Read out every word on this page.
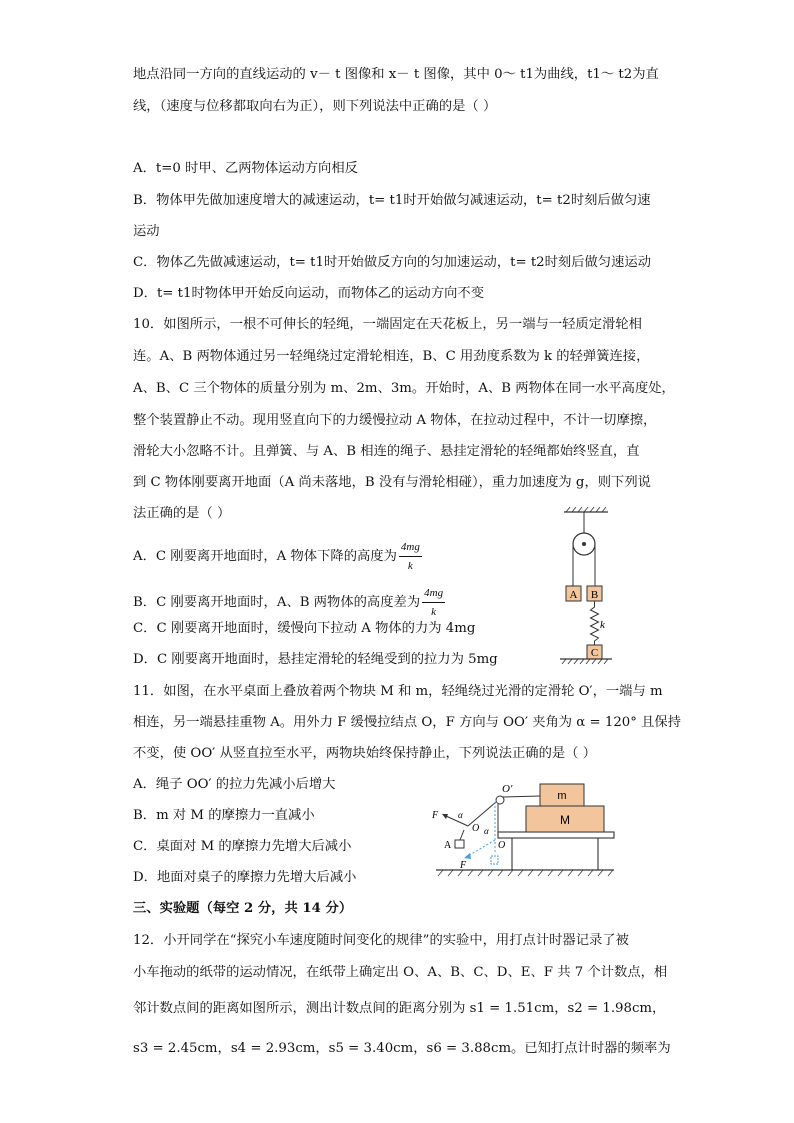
地点沿同一方向的直线运动的 v－ t 图像和 x－ t 图像，其中 0～ t1为曲线，t1～ t2为直
线，（速度与位移都取向右为正），则下列说法中正确的是（ ）
A．t=0 时甲、乙两物体运动方向相反
B．物体甲先做加速度增大的减速运动，t= t1时开始做匀减速运动，t= t2时刻后做匀速
运动
C．物体乙先做减速运动，t= t1时开始做反方向的匀加速运动，t= t2时刻后做匀速运动
D．t= t1时物体甲开始反向运动，而物体乙的运动方向不变
10．如图所示，一根不可伸长的轻绳，一端固定在天花板上，另一端与一轻质定滑轮相
连。A、B 两物体通过另一轻绳绕过定滑轮相连，B、C 用劲度系数为 k 的轻弹簧连接，
A、B、C 三个物体的质量分别为 m、2m、3m。开始时，A、B 两物体在同一水平高度处，
整个装置静止不动。现用竖直向下的力缓慢拉动 A 物体，在拉动过程中，不计一切摩擦，
滑轮大小忽略不计。且弹簧、与 A、B 相连的绳子、悬挂定滑轮的轻绳都始终竖直，直
到 C 物体刚要离开地面（A 尚未落地，B 没有与滑轮相碰），重力加速度为 g，则下列说
法正确的是（ ）
A．C 刚要离开地面时，A 物体下降的高度为 $\frac{4mg}{k}$
B．C 刚要离开地面时，A、B 两物体的高度差为 $\frac{4mg}{k}$
C．C 刚要离开地面时，缓慢向下拉动 A 物体的力为 4mg
D．C 刚要离开地面时，悬挂定滑轮的轻绳受到的拉力为 5mg
A B
k
C
11．如图，在水平桌面上叠放着两个物块 M 和 m，轻绳绕过光滑的定滑轮 O′，一端与 m
相连，另一端悬挂重物 A。用外力 F 缓慢拉结点 O，F 方向与 OO′ 夹角为 α = 120° 且保持
不变，使 OO′ 从竖直拉至水平，两物块始终保持静止，下列说法正确的是（ ）
A．绳子 OO′ 的拉力先减小后增大
B．m 对 M 的摩擦力一直减小
C．桌面对 M 的摩擦力先增大后减小
D．地面对桌子的摩擦力先增大后减小
O′
M
m
O
F α
A	O
α
F
三、实验题（每空 2 分，共 14 分）
12．小开同学在“探究小车速度随时间变化的规律”的实验中，用打点计时器记录了被
小车拖动的纸带的运动情况，在纸带上确定出 O、A、B、C、D、E、F 共 7 个计数点，相
邻计数点间的距离如图所示，测出计数点间的距离分别为 s1 = 1.51cm，s2 = 1.98cm，
s3 = 2.45cm，s4 = 2.93cm，s5 = 3.40cm，s6 = 3.88cm。已知打点计时器的频率为
